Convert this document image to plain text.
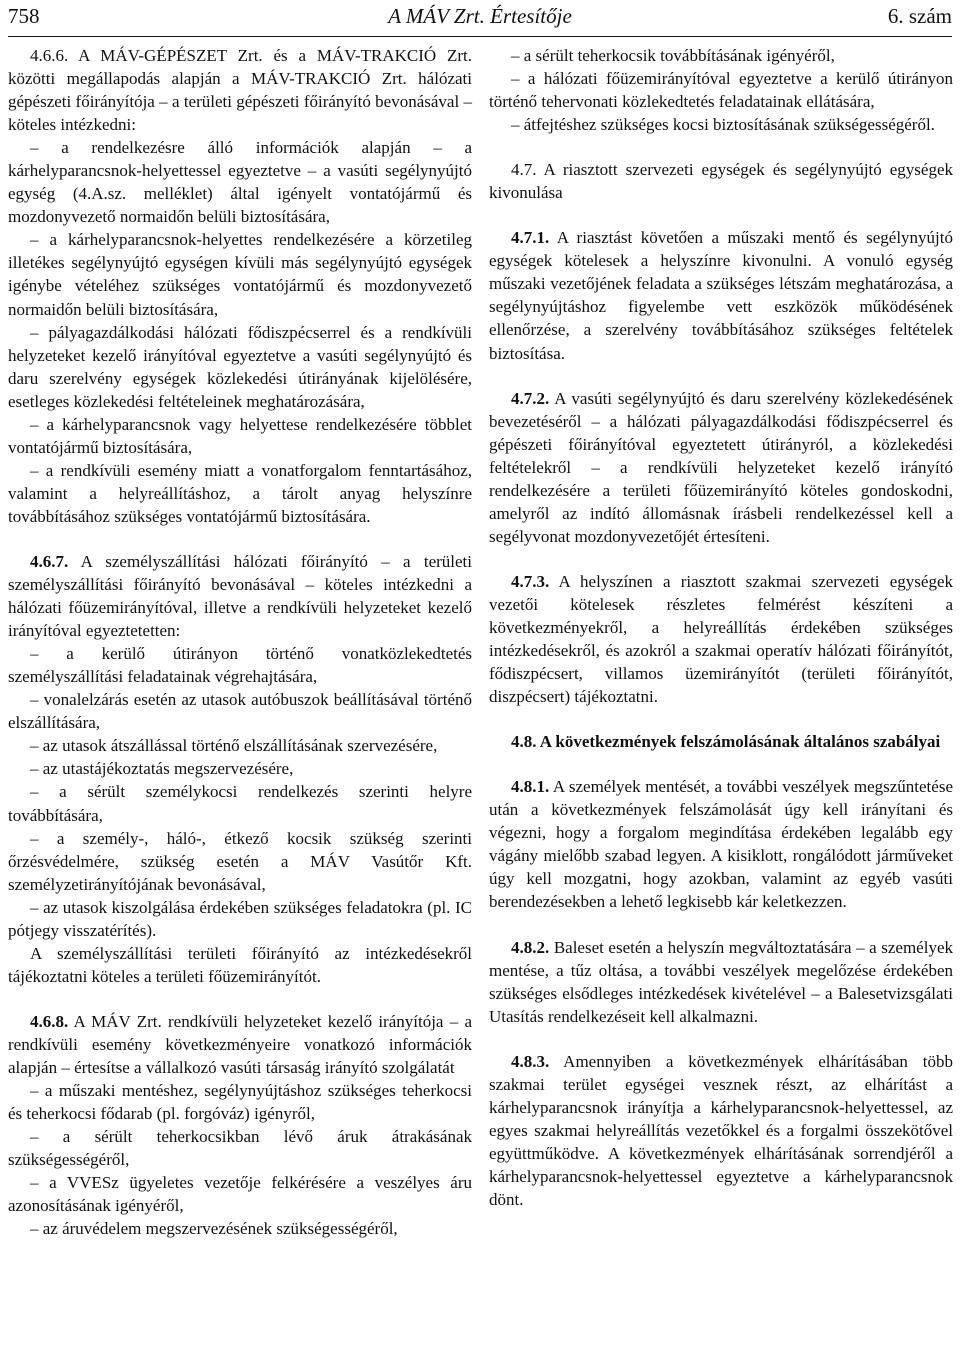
758	A MÁV Zrt. Értesítője	6. szám

4.6.6. A MÁV-GÉPÉSZET Zrt. és a MÁV-TRAKCIÓ Zrt. közötti megállapodás alapján a MÁV-TRAKCIÓ Zrt. hálózati gépészeti főirányítója – a területi gépészeti főirányító bevonásával – köteles intézkedni:

– a rendelkezésre álló információk alapján – a kárhelyparancsnok-helyettessel egyeztetve – a vasúti segélynyújtó egység (4.A.sz. melléklet) által igényelt vontatójármű és mozdonyvezető normaidőn belüli biztosítására,

– a kárhelyparancsnok-helyettes rendelkezésére a körzetileg illetékes segélynyújtó egységen kívüli más segélynyújtó egységek igénybe vételéhez szükséges vontatójármű és mozdonyvezető normaidőn belüli biztosítására,

– pályagazdálkodási hálózati fődiszpécserrel és a rendkívüli helyzeteket kezelő irányítóval egyeztetve a vasúti segélynyújtó és daru szerelvény egységek közlekedési útirányának kijelölésére, esetleges közlekedési feltételeinek meghatározására,

– a kárhelyparancsnok vagy helyettese rendelkezésére többlet vontatójármű biztosítására,

– a rendkívüli esemény miatt a vonatforgalom fenntartásához, valamint a helyreállításhoz, a tárolt anyag helyszínre továbbításához szükséges vontatójármű biztosítására.

4.6.7. A személyszállítási hálózati főirányító – a területi személyszállítási főirányító bevonásával – köteles intézkedni a hálózati főüzemirányítóval, illetve a rendkívüli helyzeteket kezelő irányítóval egyeztetetten:

– a kerülő útirányon történő vonatközlekedtetés személyszállítási feladatainak végrehajtására,

– vonalelzárás esetén az utasok autóbuszok beállításával történő elszállítására,

– az utasok átszállással történő elszállításának szervezésére,

– az utastájékoztatás megszervezésére,

– a sérült személykocsi rendelkezés szerinti helyre továbbítására,

– a személy-, háló-, étkező kocsik szükség szerinti őrzésvédelmére, szükség esetén a MÁV Vasútőr Kft. személyzetirányítójának bevonásával,

– az utasok kiszolgálása érdekében szükséges feladatokra (pl. IC pótjegy visszatérítés).

A személyszállítási területi főirányító az intézkedésekről tájékoztatni köteles a területi főüzemirányítót.

4.6.8. A MÁV Zrt. rendkívüli helyzeteket kezelő irányítója – a rendkívüli esemény következményeire vonatkozó információk alapján – értesítse a vállalkozó vasúti társaság irányító szolgálatát

– a műszaki mentéshez, segélynyújtáshoz szükséges teherkocsi és teherkocsi fődarab (pl. forgóváz) igényről,

– a sérült teherkocsikban lévő áruk átrakásának szükségességéről,

– a VVESz ügyeletes vezetője felkérésére a veszélyes áru azonosításának igényéről,

– az áruvédelem megszervezésének szükségességéről,

– a sérült teherkocsik továbbításának igényéről,

– a hálózati főüzemirányítóval egyeztetve a kerülő útirányon történő tehervonati közlekedtetés feladatainak ellátására,

– átfejtéshez szükséges kocsi biztosításának szükségességéről.

4.7. A riasztott szervezeti egységek és segélynyújtó egységek kivonulása

4.7.1. A riasztást követően a műszaki mentő és segélynyújtó egységek kötelesek a helyszínre kivonulni. A vonuló egység műszaki vezetőjének feladata a szükséges létszám meghatározása, a segélynyújtáshoz figyelembe vett eszközök működésének ellenőrzése, a szerelvény továbbításához szükséges feltételek biztosítása.

4.7.2. A vasúti segélynyújtó és daru szerelvény közlekedésének bevezetéséről – a hálózati pályagazdálkodási fődiszpécserrel és gépészeti főirányítóval egyeztetett útirányról, a közlekedési feltételekről – a rendkívüli helyzeteket kezelő irányító rendelkezésére a területi főüzemirányító köteles gondoskodni, amelyről az indító állomásnak írásbeli rendelkezéssel kell a segélyvonat mozdonyvezetőjét értesíteni.

4.7.3. A helyszínen a riasztott szakmai szervezeti egységek vezetői kötelesek részletes felmérést készíteni a következményekről, a helyreállítás érdekében szükséges intézkedésekről, és azokról a szakmai operatív hálózati főirányítót, fődiszpécsert, villamos üzemirányítót (területi főirányítót, diszpécsert) tájékoztatni.

4.8. A következmények felszámolásának általános szabályai

4.8.1. A személyek mentését, a további veszélyek megszűntetése után a következmények felszámolását úgy kell irányítani és végezni, hogy a forgalom megindítása érdekében legalább egy vágány mielőbb szabad legyen. A kisiklott, rongálódott járműveket úgy kell mozgatni, hogy azokban, valamint az egyéb vasúti berendezésekben a lehető legkisebb kár keletkezzen.

4.8.2. Baleset esetén a helyszín megváltoztatására – a személyek mentése, a tűz oltása, a további veszélyek megelőzése érdekében szükséges elsődleges intézkedések kivételével – a Balesetvizsgálati Utasítás rendelkezéseit kell alkalmazni.

4.8.3. Amennyiben a következmények elhárításában több szakmai terület egységei vesznek részt, az elhárítást a kárhelyparancsnok irányítja a kárhelyparancsnok-helyettessel, az egyes szakmai helyreállítás vezetőkkel és a forgalmi összekötővel együttműködve. A következmények elhárításának sorrendjéről a kárhelyparancsnok-helyettessel egyeztetve a kárhelyparancsnok dönt.
